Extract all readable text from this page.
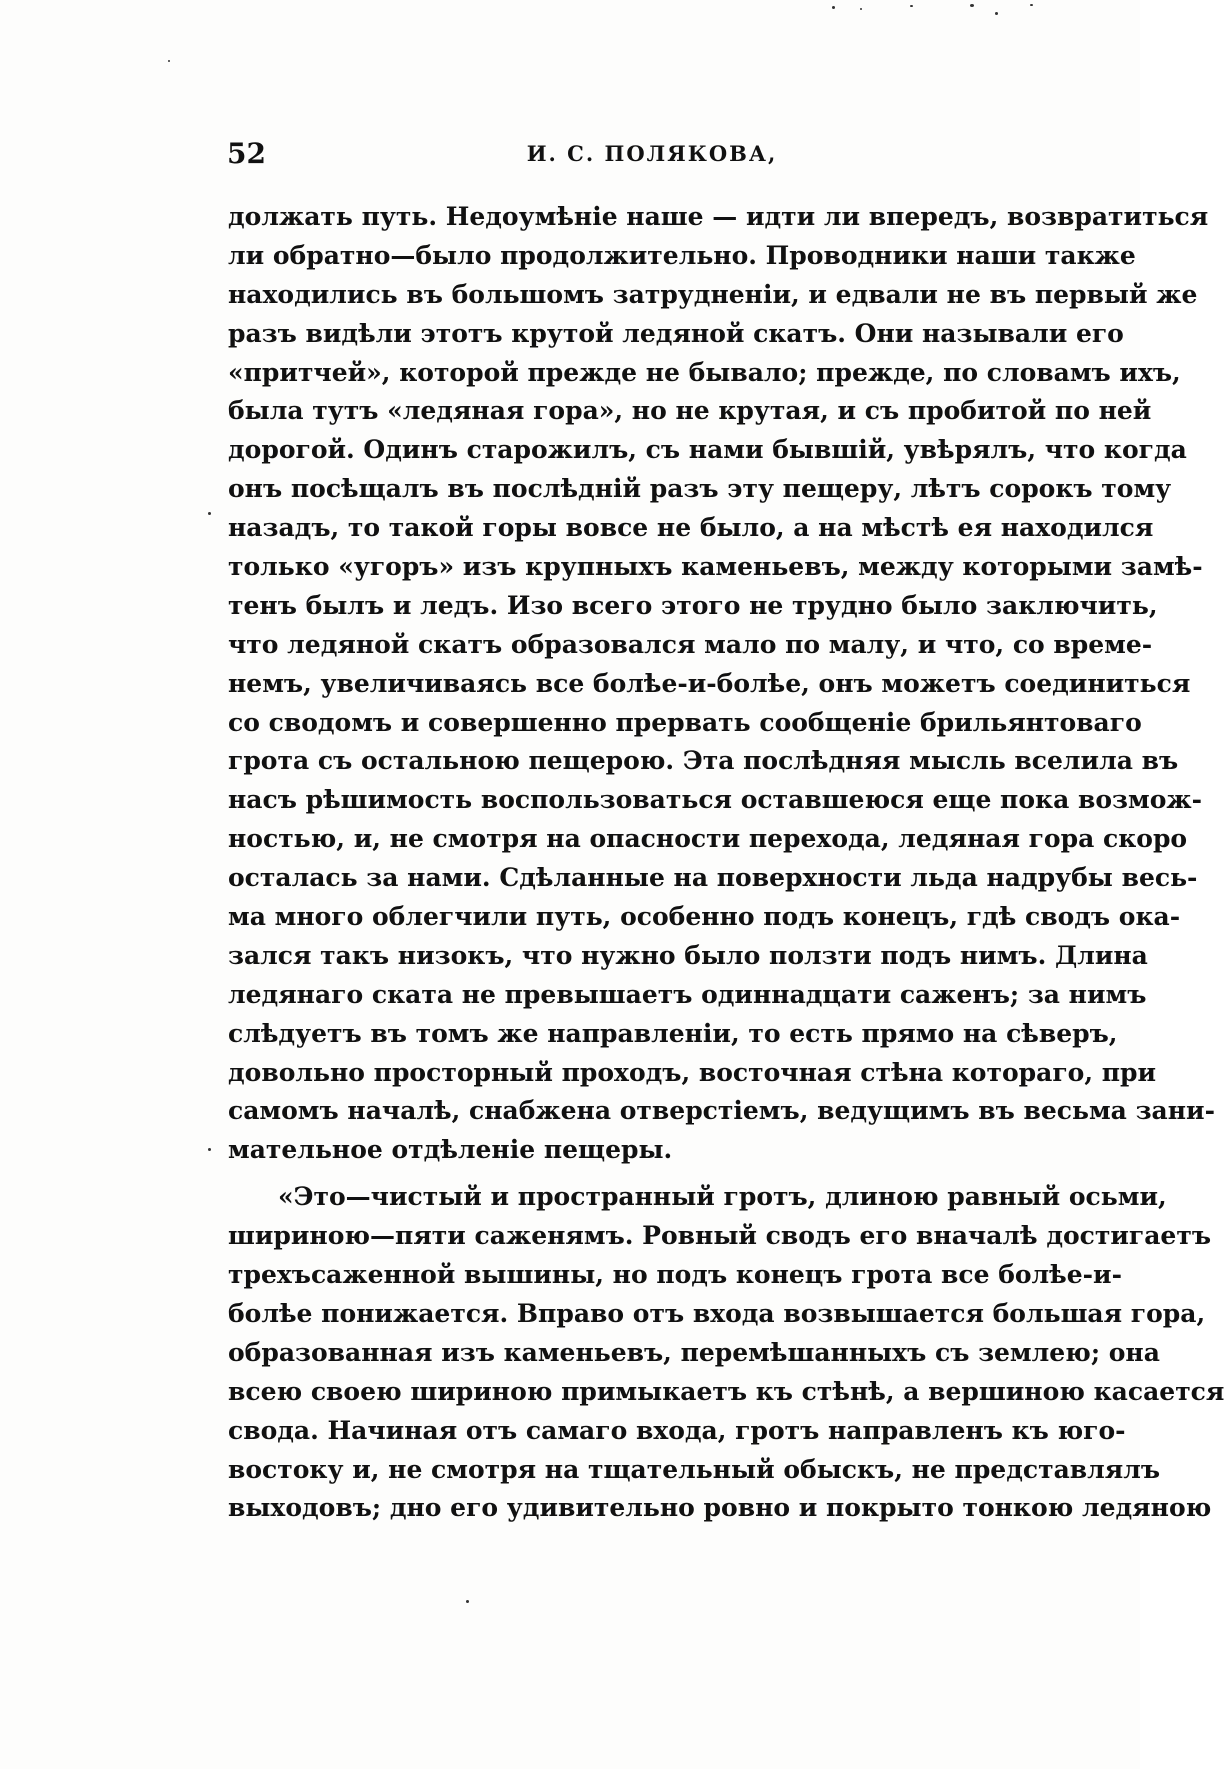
52	И. С. ПОЛЯКОВА,
должать путь. Недоумѣніе наше — идти ли впередъ, возвратиться
ли обратно—было продолжительно. Проводники наши также
находились въ большомъ затрудненіи, и едвали не въ первый же
разъ видѣли этотъ крутой ледяной скатъ. Они называли его
«притчей», которой прежде не бывало; прежде, по словамъ ихъ,
была тутъ «ледяная гора», но не крутая, и съ пробитой по ней
дорогой. Одинъ старожилъ, съ нами бывшій, увѣрялъ, что когда
онъ посѣщалъ въ послѣдній разъ эту пещеру, лѣтъ сорокъ тому
назадъ, то такой горы вовсе не было, а на мѣстѣ ея находился
только «угоръ» изъ крупныхъ каменьевъ, между которыми замѣ-
тенъ былъ и ледъ. Изо всего этого не трудно было заключить,
что ледяной скатъ образовался мало по малу, и что, со време-
немъ, увеличиваясь все болѣе-и-болѣе, онъ можетъ соединиться
со сводомъ и совершенно прервать сообщеніе брильянтоваго
грота съ остальною пещерою. Эта послѣдняя мысль вселила въ
насъ рѣшимость воспользоваться оставшеюся еще пока возмож-
ностью, и, не смотря на опасности перехода, ледяная гора скоро
осталась за нами. Сдѣланные на поверхности льда надрубы весь-
ма много облегчили путь, особенно подъ конецъ, гдѣ сводъ ока-
зался такъ низокъ, что нужно было ползти подъ нимъ. Длина
ледянаго ската не превышаетъ одиннадцати саженъ; за нимъ
слѣдуетъ въ томъ же направленіи, то есть прямо на сѣверъ,
довольно просторный проходъ, восточная стѣна котораго, при
самомъ началѣ, снабжена отверстіемъ, ведущимъ въ весьма зани-
мательное отдѣленіе пещеры.
«Это—чистый и пространный гротъ, длиною равный осьми,
шириною—пяти саженямъ. Ровный сводъ его вначалѣ достигаетъ
трехъсаженной вышины, но подъ конецъ грота все болѣе-и-
болѣе понижается. Вправо отъ входа возвышается большая гора,
образованная изъ каменьевъ, перемѣшанныхъ съ землею; она
всею своею шириною примыкаетъ къ стѣнѣ, а вершиною касается
свода. Начиная отъ самаго входа, гротъ направленъ къ юго-
востоку и, не смотря на тщательный обыскъ, не представлялъ
выходовъ; дно его удивительно ровно и покрыто тонкою ледяною
